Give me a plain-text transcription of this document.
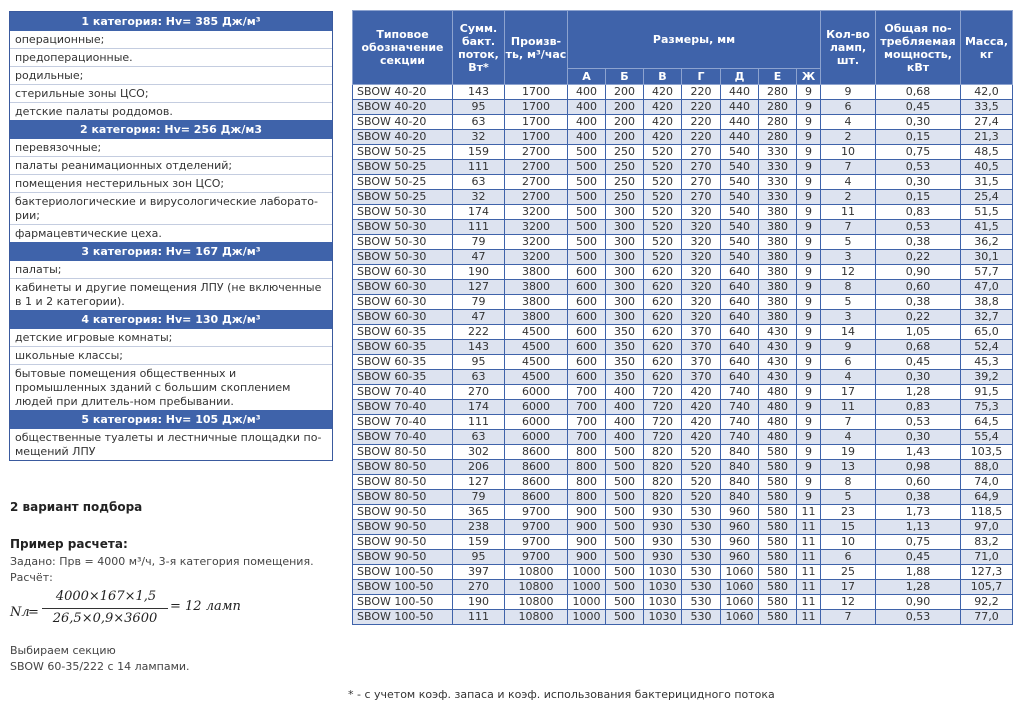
1 категория: Hv= 385 Дж/м³
операционные;
предоперационные.
родильные;
стерильные зоны ЦСО;
детские палаты роддомов.
2 категория: Hv= 256 Дж/м3
перевязочные;
палаты реанимационных отделений;
помещения нестерильных зон ЦСО;
бактериологические и вирусологические лаборато-рии;
фармацевтические цеха.
3 категория: Hv= 167 Дж/м³
палаты;
кабинеты и другие помещения ЛПУ (не включенные в 1 и 2 категории).
4 категория: Hv= 130 Дж/м³
детские игровые комнаты;
школьные классы;
бытовые помещения общественных и промышленных зданий с большим скоплением людей при длитель-ном пребывании.
5 категория: Hv= 105 Дж/м³
общественные туалеты и лестничные площадки по-мещений ЛПУ
2 вариант подбора
Пример расчета:
Задано: Прв = 4000 м³/ч, 3-я категория помещения.
Расчёт:
Nл
=
4000×167×1,5
26,5×0,9×3600
= 12 ламп
Выбираем секцию
SBOW 60-35/222 с 14 лампами.
Типовое обозначение секции	Сумм. бакт. поток, Вт*	Произв-ть, м³/час	Размеры, мм							Кол-во ламп, шт.	Общая по-требляемая мощность, кВт	Масса, кг
			А	Б	В	Г	Д	Е	Ж			
SBOW 40-20	143	1700	400	200	420	220	440	280	9	9	0,68	42,0
SBOW 40-20	95	1700	400	200	420	220	440	280	9	6	0,45	33,5
SBOW 40-20	63	1700	400	200	420	220	440	280	9	4	0,30	27,4
SBOW 40-20	32	1700	400	200	420	220	440	280	9	2	0,15	21,3
SBOW 50-25	159	2700	500	250	520	270	540	330	9	10	0,75	48,5
SBOW 50-25	111	2700	500	250	520	270	540	330	9	7	0,53	40,5
SBOW 50-25	63	2700	500	250	520	270	540	330	9	4	0,30	31,5
SBOW 50-25	32	2700	500	250	520	270	540	330	9	2	0,15	25,4
SBOW 50-30	174	3200	500	300	520	320	540	380	9	11	0,83	51,5
SBOW 50-30	111	3200	500	300	520	320	540	380	9	7	0,53	41,5
SBOW 50-30	79	3200	500	300	520	320	540	380	9	5	0,38	36,2
SBOW 50-30	47	3200	500	300	520	320	540	380	9	3	0,22	30,1
SBOW 60-30	190	3800	600	300	620	320	640	380	9	12	0,90	57,7
SBOW 60-30	127	3800	600	300	620	320	640	380	9	8	0,60	47,0
SBOW 60-30	79	3800	600	300	620	320	640	380	9	5	0,38	38,8
SBOW 60-30	47	3800	600	300	620	320	640	380	9	3	0,22	32,7
SBOW 60-35	222	4500	600	350	620	370	640	430	9	14	1,05	65,0
SBOW 60-35	143	4500	600	350	620	370	640	430	9	9	0,68	52,4
SBOW 60-35	95	4500	600	350	620	370	640	430	9	6	0,45	45,3
SBOW 60-35	63	4500	600	350	620	370	640	430	9	4	0,30	39,2
SBOW 70-40	270	6000	700	400	720	420	740	480	9	17	1,28	91,5
SBOW 70-40	174	6000	700	400	720	420	740	480	9	11	0,83	75,3
SBOW 70-40	111	6000	700	400	720	420	740	480	9	7	0,53	64,5
SBOW 70-40	63	6000	700	400	720	420	740	480	9	4	0,30	55,4
SBOW 80-50	302	8600	800	500	820	520	840	580	9	19	1,43	103,5
SBOW 80-50	206	8600	800	500	820	520	840	580	9	13	0,98	88,0
SBOW 80-50	127	8600	800	500	820	520	840	580	9	8	0,60	74,0
SBOW 80-50	79	8600	800	500	820	520	840	580	9	5	0,38	64,9
SBOW 90-50	365	9700	900	500	930	530	960	580	11	23	1,73	118,5
SBOW 90-50	238	9700	900	500	930	530	960	580	11	15	1,13	97,0
SBOW 90-50	159	9700	900	500	930	530	960	580	11	10	0,75	83,2
SBOW 90-50	95	9700	900	500	930	530	960	580	11	6	0,45	71,0
SBOW 100-50	397	10800	1000	500	1030	530	1060	580	11	25	1,88	127,3
SBOW 100-50	270	10800	1000	500	1030	530	1060	580	11	17	1,28	105,7
SBOW 100-50	190	10800	1000	500	1030	530	1060	580	11	12	0,90	92,2
SBOW 100-50	111	10800	1000	500	1030	530	1060	580	11	7	0,53	77,0
* - с учетом коэф. запаса и коэф. использования бактерицидного потока
